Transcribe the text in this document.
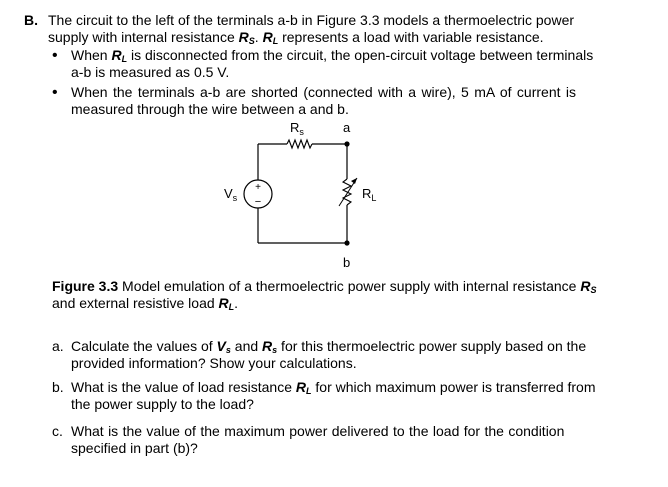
B. The circuit to the left of the terminals a-b in Figure 3.3 models a thermoelectric power
supply with internal resistance $R_S$. $R_L$ represents a load with variable resistance.
• When $R_L$ is disconnected from the circuit, the open-circuit voltage between terminals
a-b is measured as 0.5 V.
• When the terminals a-b are shorted (connected with a wire), 5 mA of current is
measured through the wire between a and b.
+
−
$R_s$	a
$V_s$	$R_L$
b
Figure 3.3 Model emulation of a thermoelectric power supply with internal resistance $R_S$
and external resistive load $R_L$.
a. Calculate the values of $V_s$ and $R_s$ for this thermoelectric power supply based on the
provided information? Show your calculations.
b. What is the value of load resistance $R_L$ for which maximum power is transferred from
the power supply to the load?
c. What is the value of the maximum power delivered to the load for the condition
specified in part (b)?
